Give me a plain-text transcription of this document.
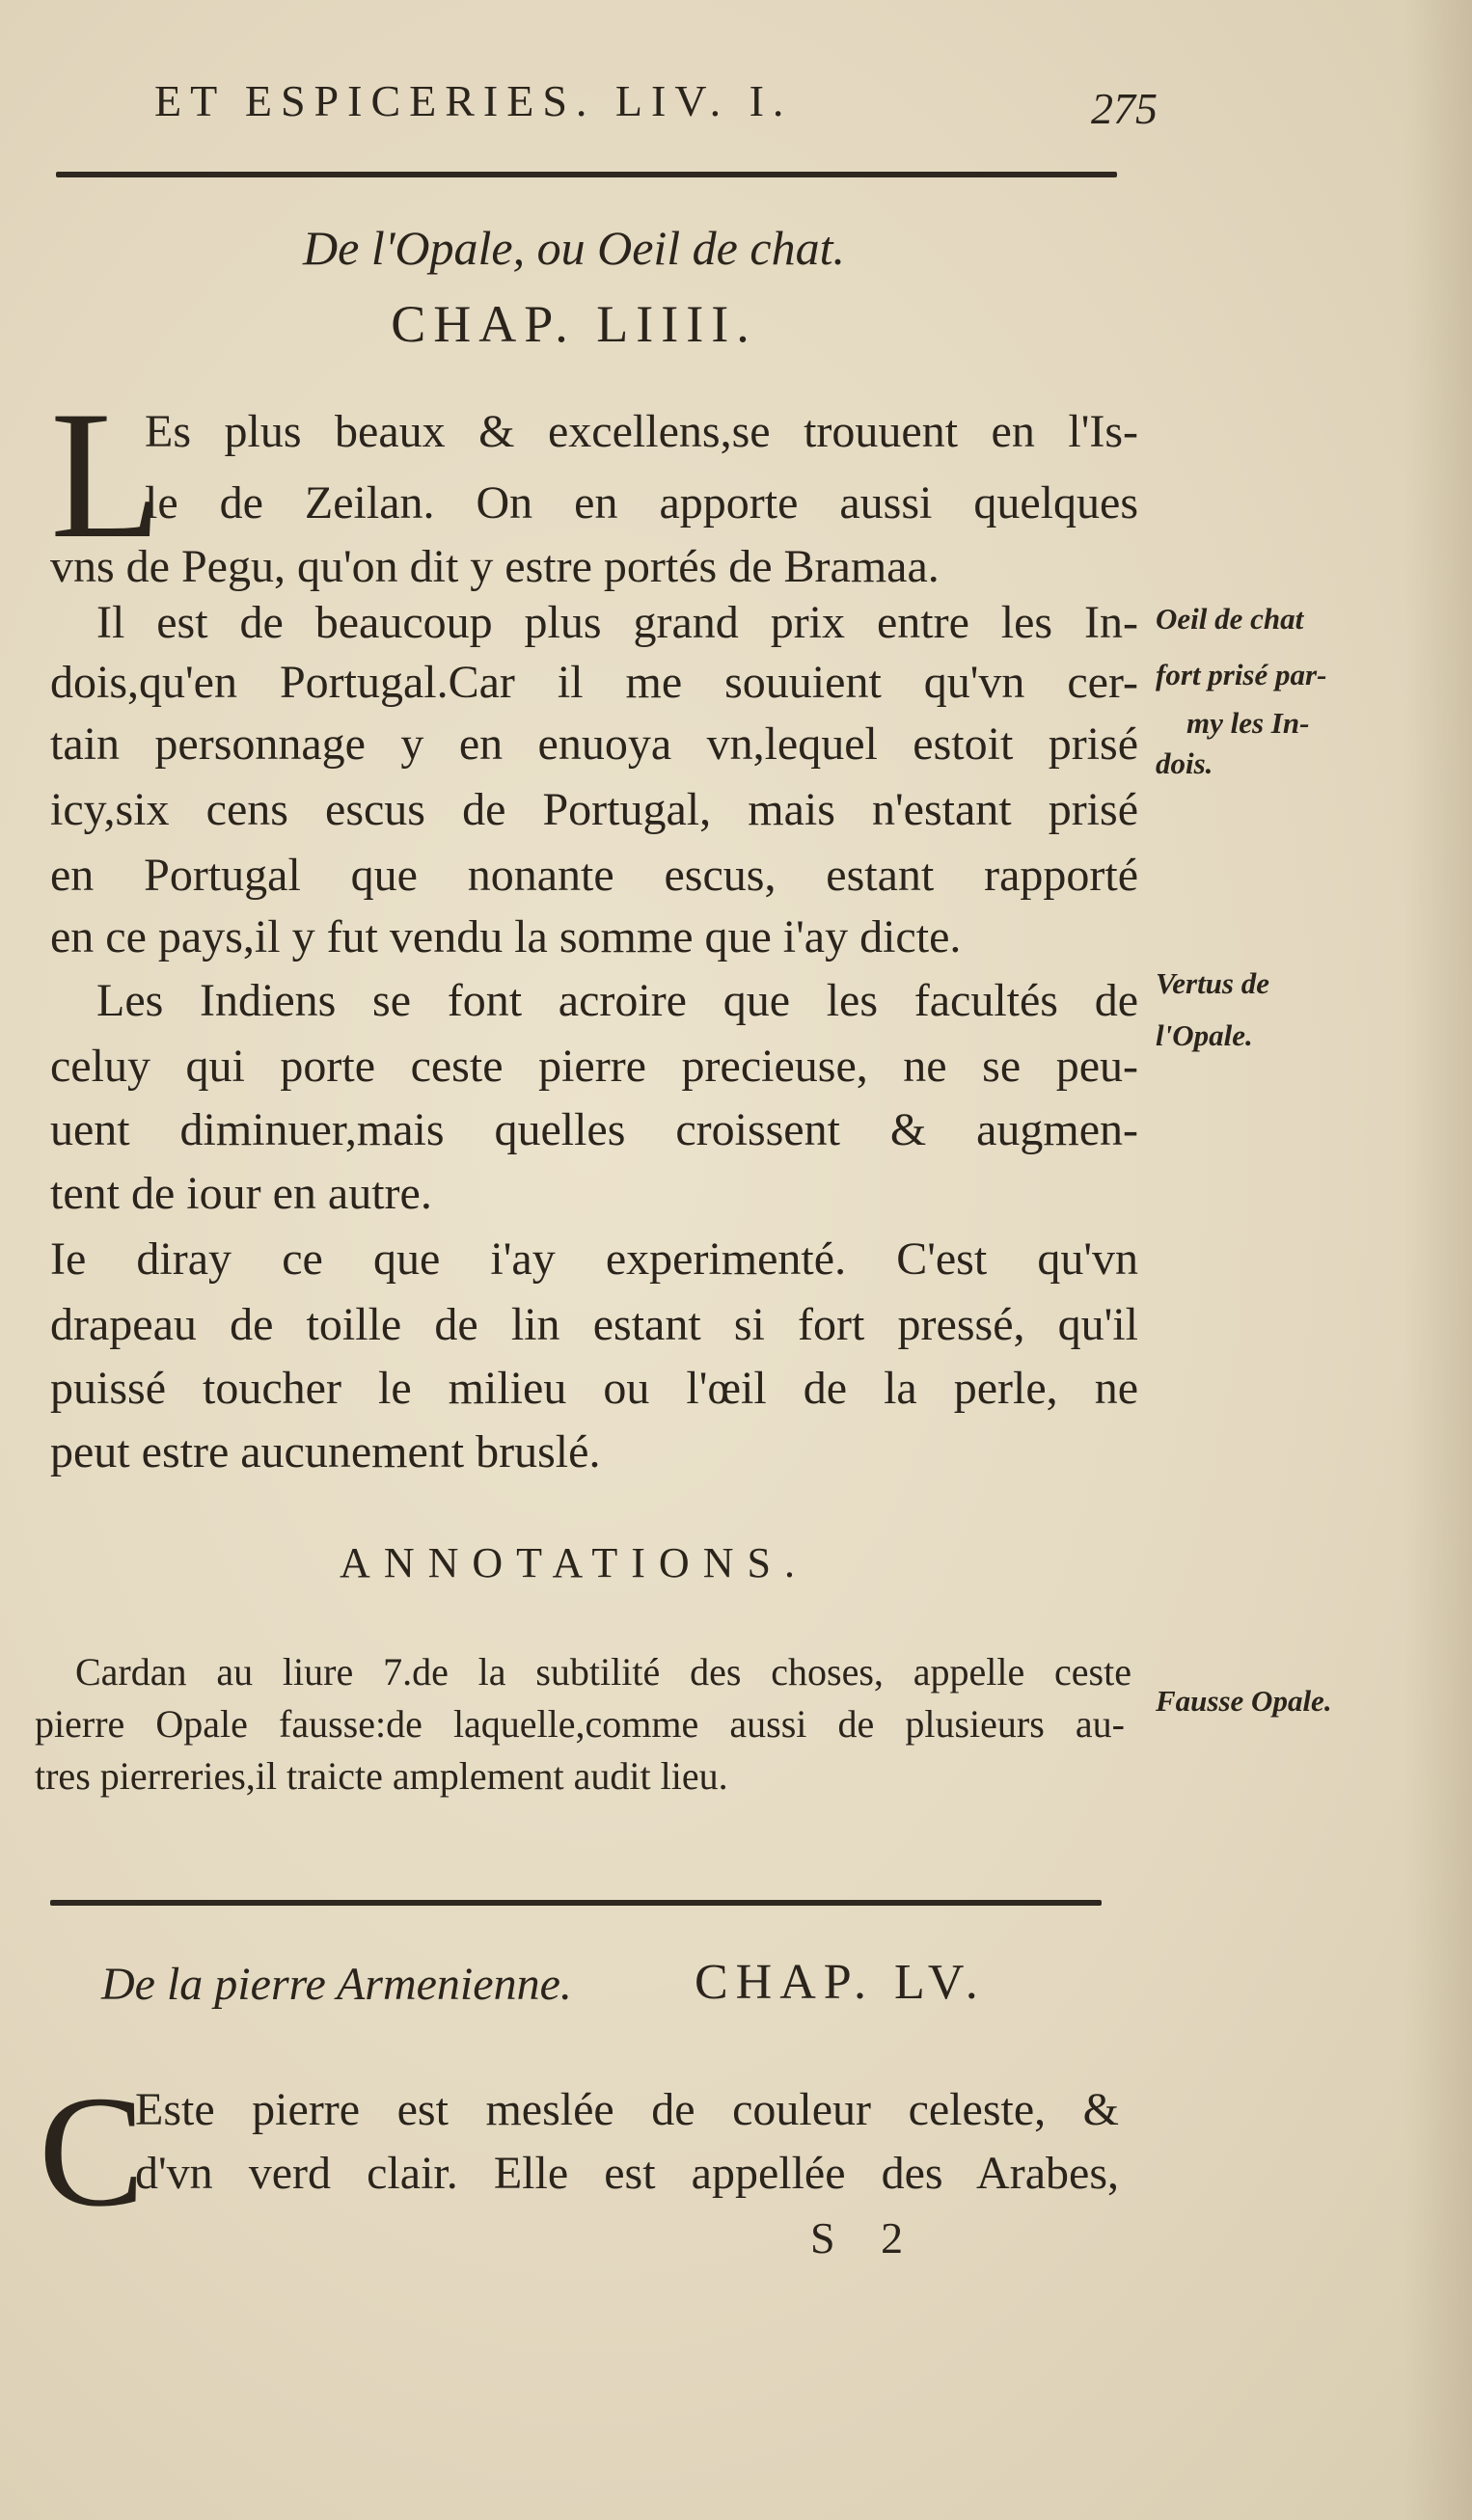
ET ESPICERIES. LIV. I.	275
De l'Opale, ou Oeil de chat.
CHAP. LIIII.
L
Es plus beaux & excellens,se trouuent en l'Is-
le de Zeilan. On en apporte aussi quelques
vns de Pegu, qu'on dit y estre portés de Bramaa.
Il est de beaucoup plus grand prix entre les In-
dois,qu'en Portugal.Car il me souuient qu'vn cer-
tain personnage y en enuoya vn,lequel estoit prisé
icy,six cens escus de Portugal, mais n'estant prisé
en Portugal que nonante escus, estant rapporté
en ce pays,il y fut vendu la somme que i'ay dicte.
Les Indiens se font acroire que les facultés de
celuy qui porte ceste pierre precieuse, ne se peu-
uent diminuer,mais quelles croissent & augmen-
tent de iour en autre.
Ie diray ce que i'ay experimenté. C'est qu'vn
drapeau de toille de lin estant si fort pressé, qu'il
puissé toucher le milieu ou l'œil de la perle, ne
peut estre aucunement bruslé.
Oeil de chat
fort prisé par-
my les In-
dois.
Vertus de
l'Opale.
Fausse Opale.
ANNOTATIONS.
Cardan au liure 7.de la subtilité des choses, appelle ceste
pierre Opale fausse:de laquelle,comme aussi de plusieurs au-
tres pierreries,il traicte amplement audit lieu.
De la pierre Armenienne. CHAP. LV.
C
Este pierre est meslée de couleur celeste, &
d'vn verd clair. Elle est appellée des Arabes,
S 2
